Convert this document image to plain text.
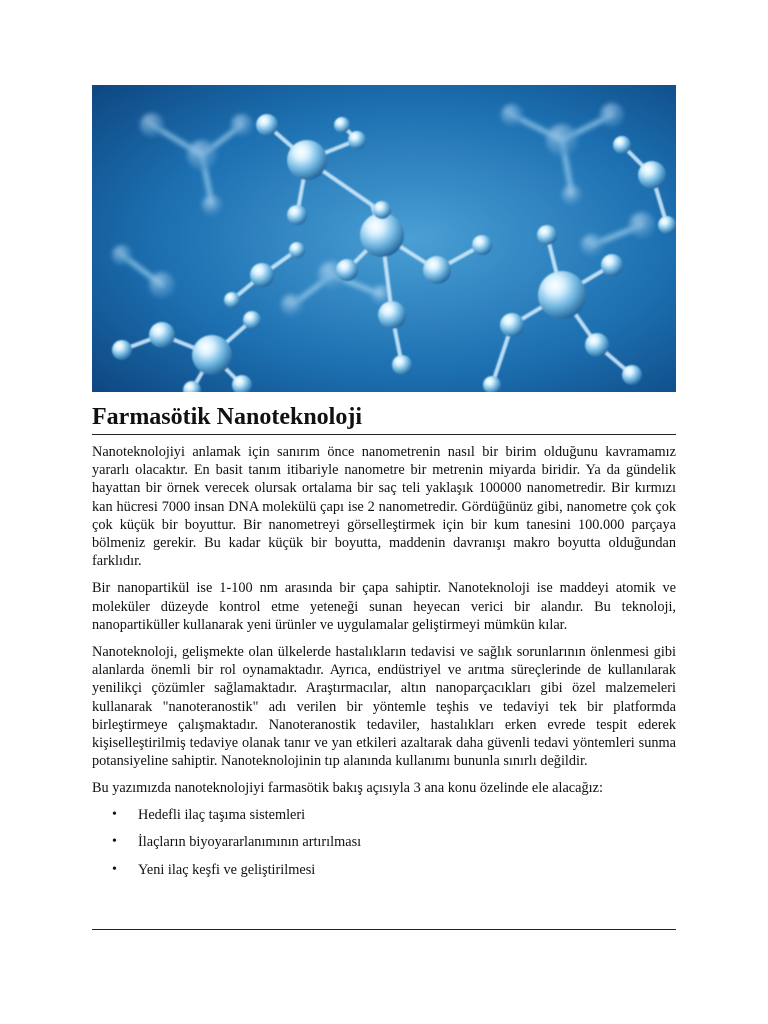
Farmasötik Nanoteknoloji

Nanoteknolojiyi anlamak için sanırım önce nanometrenin nasıl bir birim olduğunu kavramamız yararlı olacaktır. En basit tanım itibariyle nanometre bir metrenin miyarda biridir. Ya da gündelik hayattan bir örnek verecek olursak ortalama bir saç teli yaklaşık 100000 nanometredir. Bir kırmızı kan hücresi 7000 insan DNA molekülü çapı ise 2 nanometredir. Gördüğünüz gibi, nanometre çok çok çok küçük bir boyuttur. Bir nanometreyi görselleştirmek için bir kum tanesini 100.000 parçaya bölmeniz gerekir. Bu kadar küçük bir boyutta, maddenin davranışı makro boyutta olduğundan farklıdır.

Bir nanopartikül ise 1-100 nm arasında bir çapa sahiptir. Nanoteknoloji ise maddeyi atomik ve moleküler düzeyde kontrol etme yeteneği sunan heyecan verici bir alandır. Bu teknoloji, nanopartiküller kullanarak yeni ürünler ve uygulamalar geliştirmeyi mümkün kılar.

Nanoteknoloji, gelişmekte olan ülkelerde hastalıkların tedavisi ve sağlık sorunlarının önlenmesi gibi alanlarda önemli bir rol oynamaktadır. Ayrıca, endüstriyel ve arıtma süreçlerinde de kullanılarak yenilikçi çözümler sağlamaktadır. Araştırmacılar, altın nanoparçacıkları gibi özel malzemeleri kullanarak "nanoteranostik" adı verilen bir yöntemle teşhis ve tedaviyi tek bir platformda birleştirmeye çalışmaktadır. Nanoteranostik tedaviler, hastalıkları erken evrede tespit ederek kişiselleştirilmiş tedaviye olanak tanır ve yan etkileri azaltarak daha güvenli tedavi yöntemleri sunma potansiyeline sahiptir. Nanoteknolojinin tıp alanında kullanımı bununla sınırlı değildir.

Bu yazımızda nanoteknolojiyi farmasötik bakış açısıyla 3 ana konu özelinde ele alacağız:

• Hedefli ilaç taşıma sistemleri
• İlaçların biyoyararlanımının artırılması
• Yeni ilaç keşfi ve geliştirilmesi
